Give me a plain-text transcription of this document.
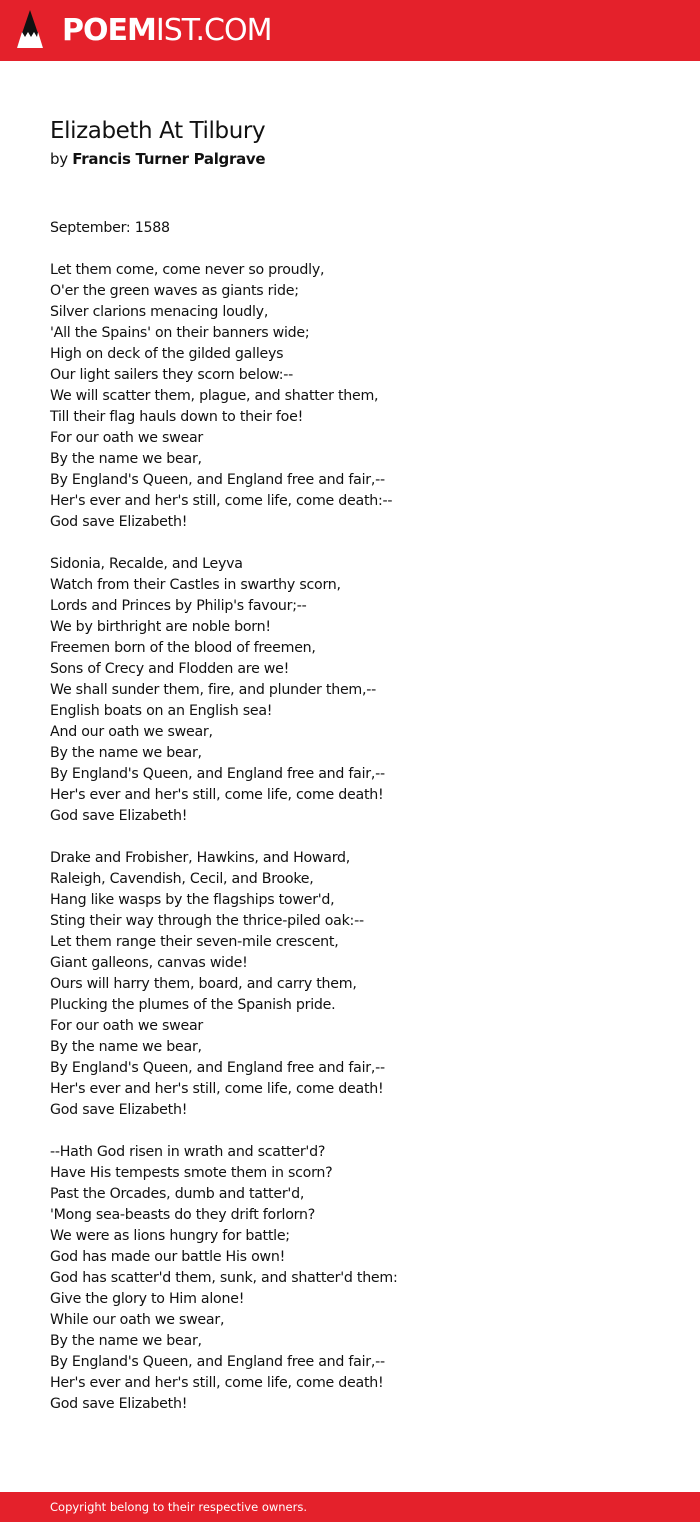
POEMIST.COM
Elizabeth At Tilbury
by Francis Turner Palgrave
September: 1588
Let them come, come never so proudly,
O'er the green waves as giants ride;
Silver clarions menacing loudly,
'All the Spains' on their banners wide;
High on deck of the gilded galleys
Our light sailers they scorn below:--
We will scatter them, plague, and shatter them,
Till their flag hauls down to their foe!
For our oath we swear
By the name we bear,
By England's Queen, and England free and fair,--
Her's ever and her's still, come life, come death:--
God save Elizabeth!
Sidonia, Recalde, and Leyva
Watch from their Castles in swarthy scorn,
Lords and Princes by Philip's favour;--
We by birthright are noble born!
Freemen born of the blood of freemen,
Sons of Crecy and Flodden are we!
We shall sunder them, fire, and plunder them,--
English boats on an English sea!
And our oath we swear,
By the name we bear,
By England's Queen, and England free and fair,--
Her's ever and her's still, come life, come death!
God save Elizabeth!
Drake and Frobisher, Hawkins, and Howard,
Raleigh, Cavendish, Cecil, and Brooke,
Hang like wasps by the flagships tower'd,
Sting their way through the thrice-piled oak:--
Let them range their seven-mile crescent,
Giant galleons, canvas wide!
Ours will harry them, board, and carry them,
Plucking the plumes of the Spanish pride.
For our oath we swear
By the name we bear,
By England's Queen, and England free and fair,--
Her's ever and her's still, come life, come death!
God save Elizabeth!
--Hath God risen in wrath and scatter'd?
Have His tempests smote them in scorn?
Past the Orcades, dumb and tatter'd,
'Mong sea-beasts do they drift forlorn?
We were as lions hungry for battle;
God has made our battle His own!
God has scatter'd them, sunk, and shatter'd them:
Give the glory to Him alone!
While our oath we swear,
By the name we bear,
By England's Queen, and England free and fair,--
Her's ever and her's still, come life, come death!
God save Elizabeth!
Copyright belong to their respective owners.
